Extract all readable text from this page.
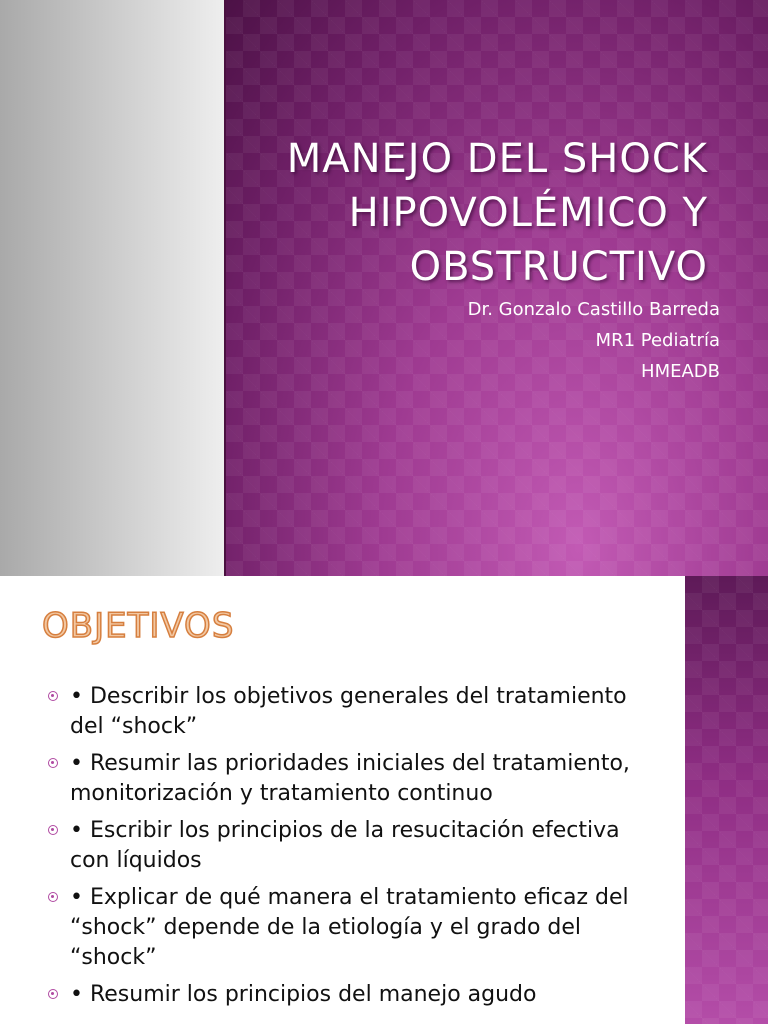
MANEJO DEL SHOCK
HIPOVOLÉMICO Y
OBSTRUCTIVO
Dr. Gonzalo Castillo Barreda
MR1 Pediatría
HMEADB
OBJETIVOS
• Describir los objetivos generales del tratamiento del “shock”
• Resumir las prioridades iniciales del tratamiento, monitorización y tratamiento continuo
• Escribir los principios de la resucitación efectiva con líquidos
• Explicar de qué manera el tratamiento eficaz del “shock” depende de la etiología y el grado del “shock”
• Resumir los principios del manejo agudo
